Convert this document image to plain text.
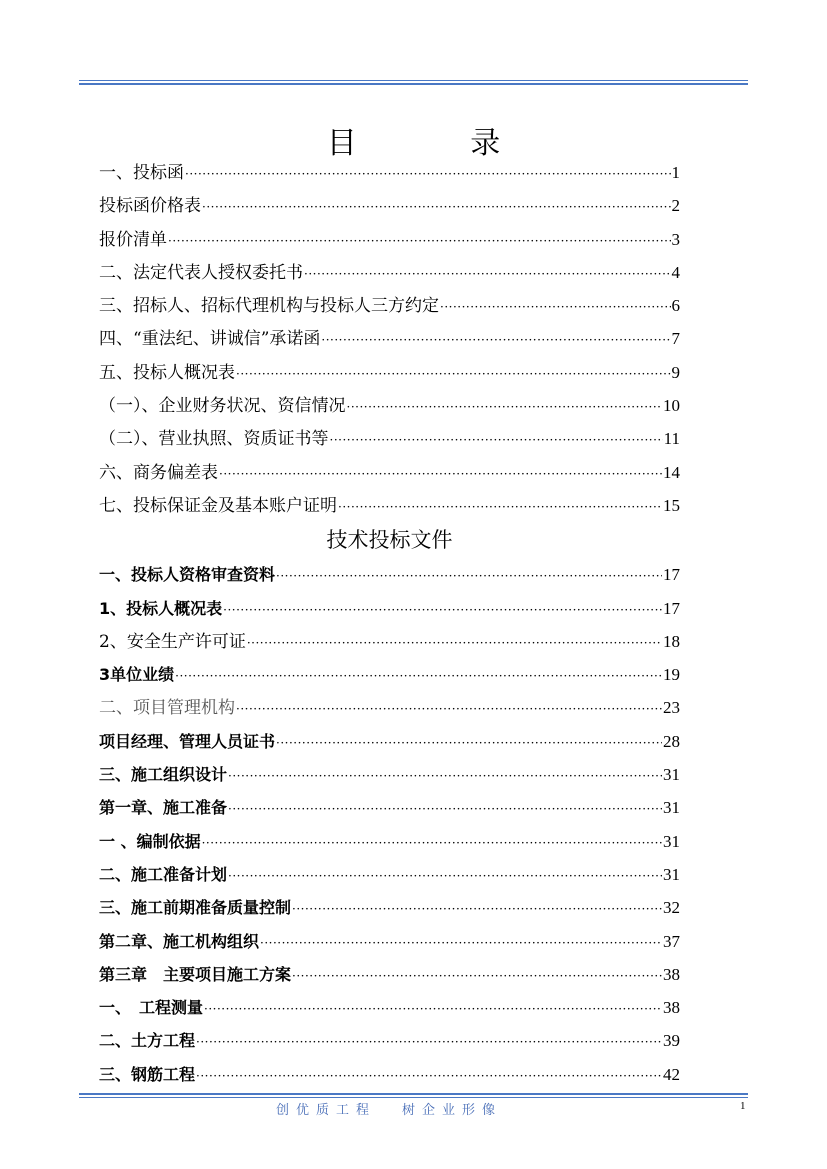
目 录
一、投标函 ·····	1
投标函价格表 ·····	2
报价清单 ·····	3
二、法定代表人授权委托书 ·····	4
三、招标人、招标代理机构与投标人三方约定 ·····	6
四、“重法纪、讲诚信”承诺函 ·····	7
五、投标人概况表 ·····	9
（一）、企业财务状况、资信情况 ·····	10
（二）、营业执照、资质证书等 ·····	11
六、商务偏差表 ·····	14
七、投标保证金及基本账户证明 ·····	15
技术投标文件
一、投标人资格审查资料 ·····	17
1、投标人概况表 ·····	17
2、安全生产许可证 ·····	18
3单位业绩 ·····	19
二、项目管理机构 ·····	23
项目经理、管理人员证书 ·····	28
三、施工组织设计 ·····	31
第一章、施工准备 ·····	31
一 、编制依据 ·····	31
二、施工准备计划 ·····	31
三、施工前期准备质量控制 ·····	32
第二章、施工机构组织 ·····	37
第三章　主要项目施工方案 ·····	38
一、　工程测量 ·····	38
二、土方工程 ·····	39
三、钢筋工程 ·····	42
创优质工程 树企业形像	1
